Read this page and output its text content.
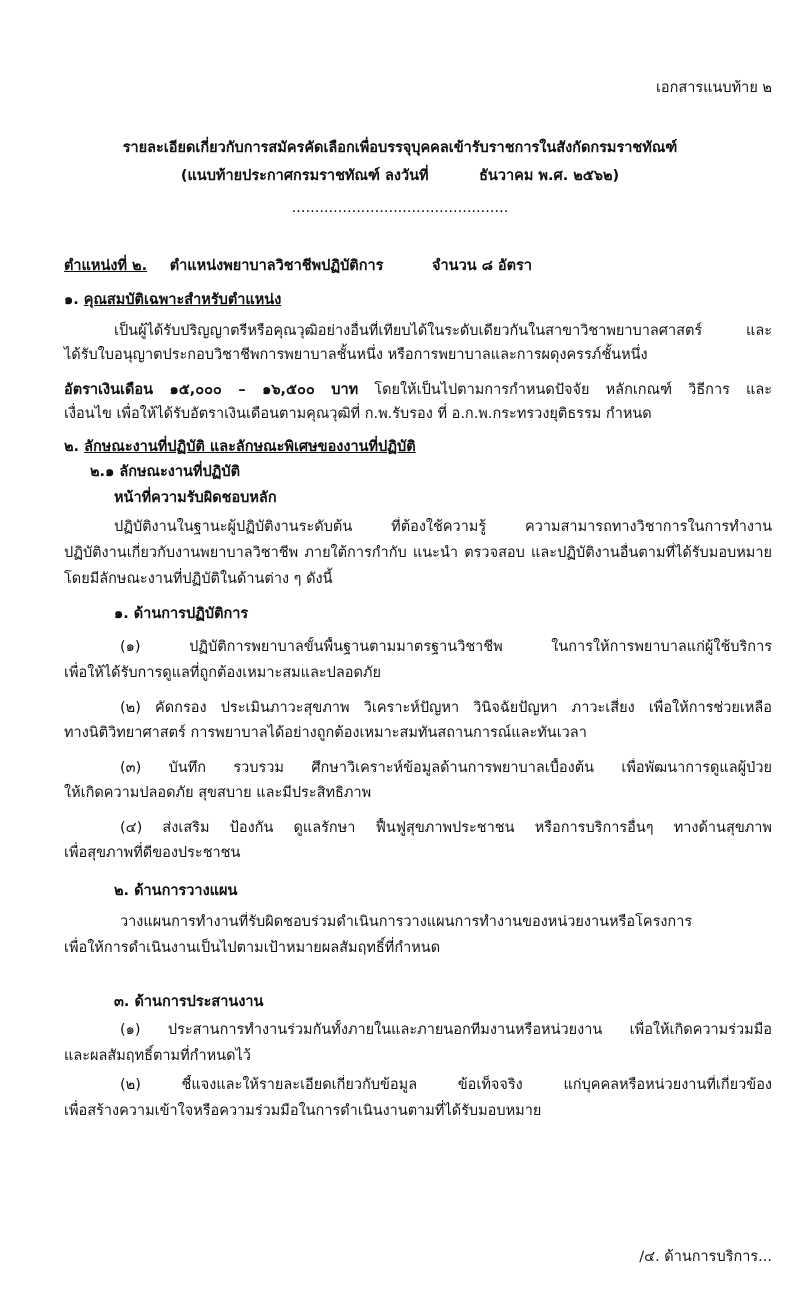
เอกสารแนบท้าย ๒
รายละเอียดเกี่ยวกับการสมัครคัดเลือกเพื่อบรรจุบุคคลเข้ารับราชการในสังกัดกรมราชทัณฑ์
(แนบท้ายประกาศกรมราชทัณฑ์ ลงวันที่          ธันวาคม พ.ศ. ๒๕๖๒)
...............................................
ตำแหน่งที่ ๒. ตำแหน่งพยาบาลวิชาชีพปฏิบัติการ	จำนวน ๘ อัตรา
๑. คุณสมบัติเฉพาะสำหรับตำแหน่ง
เป็นผู้ได้รับปริญญาตรีหรือคุณวุฒิอย่างอื่นที่เทียบได้ในระดับเดียวกันในสาขาวิชาพยาบาลศาสตร์ และ
ได้รับใบอนุญาตประกอบวิชาชีพการพยาบาลชั้นหนึ่ง หรือการพยาบาลและการผดุงครรภ์ชั้นหนึ่ง
อัตราเงินเดือน ๑๕,๐๐๐ – ๑๖,๕๐๐ บาท โดยให้เป็นไปตามการกำหนดปัจจัย หลักเกณฑ์ วิธีการ และ
เงื่อนไข เพื่อให้ได้รับอัตราเงินเดือนตามคุณวุฒิที่ ก.พ.รับรอง ที่ อ.ก.พ.กระทรวงยุติธรรม กำหนด
๒. ลักษณะงานที่ปฏิบัติ และลักษณะพิเศษของงานที่ปฏิบัติ
๒.๑ ลักษณะงานที่ปฏิบัติ
หน้าที่ความรับผิดชอบหลัก
ปฏิบัติงานในฐานะผู้ปฏิบัติงานระดับต้น ที่ต้องใช้ความรู้ ความสามารถทางวิชาการในการทำงาน
ปฏิบัติงานเกี่ยวกับงานพยาบาลวิชาชีพ ภายใต้การกำกับ แนะนำ ตรวจสอบ และปฏิบัติงานอื่นตามที่ได้รับมอบหมาย
โดยมีลักษณะงานที่ปฏิบัติในด้านต่าง ๆ ดังนี้
๑. ด้านการปฏิบัติการ
(๑) ปฏิบัติการพยาบาลขั้นพื้นฐานตามมาตรฐานวิชาชีพ ในการให้การพยาบาลแก่ผู้ใช้บริการ
เพื่อให้ได้รับการดูแลที่ถูกต้องเหมาะสมและปลอดภัย
(๒) คัดกรอง ประเมินภาวะสุขภาพ วิเคราะห์ปัญหา วินิจฉัยปัญหา ภาวะเสี่ยง เพื่อให้การช่วยเหลือ
ทางนิติวิทยาศาสตร์ การพยาบาลได้อย่างถูกต้องเหมาะสมทันสถานการณ์และทันเวลา
(๓) บันทึก รวบรวม ศึกษาวิเคราะห์ข้อมูลด้านการพยาบาลเบื้องต้น เพื่อพัฒนาการดูแลผู้ป่วย
ให้เกิดความปลอดภัย สุขสบาย และมีประสิทธิภาพ
(๔) ส่งเสริม ป้องกัน ดูแลรักษา ฟื้นฟูสุขภาพประชาชน หรือการบริการอื่นๆ ทางด้านสุขภาพ
เพื่อสุขภาพที่ดีของประชาชน
๒. ด้านการวางแผน
วางแผนการทำงานที่รับผิดชอบร่วมดำเนินการวางแผนการทำงานของหน่วยงานหรือโครงการ
เพื่อให้การดำเนินงานเป็นไปตามเป้าหมายผลสัมฤทธิ์ที่กำหนด
๓. ด้านการประสานงาน
(๑) ประสานการทำงานร่วมกันทั้งภายในและภายนอกทีมงานหรือหน่วยงาน เพื่อให้เกิดความร่วมมือ
และผลสัมฤทธิ์ตามที่กำหนดไว้
(๒) ชี้แจงและให้รายละเอียดเกี่ยวกับข้อมูล ข้อเท็จจริง แก่บุคคลหรือหน่วยงานที่เกี่ยวข้อง
เพื่อสร้างความเข้าใจหรือความร่วมมือในการดำเนินงานตามที่ได้รับมอบหมาย
/๔. ด้านการบริการ...
